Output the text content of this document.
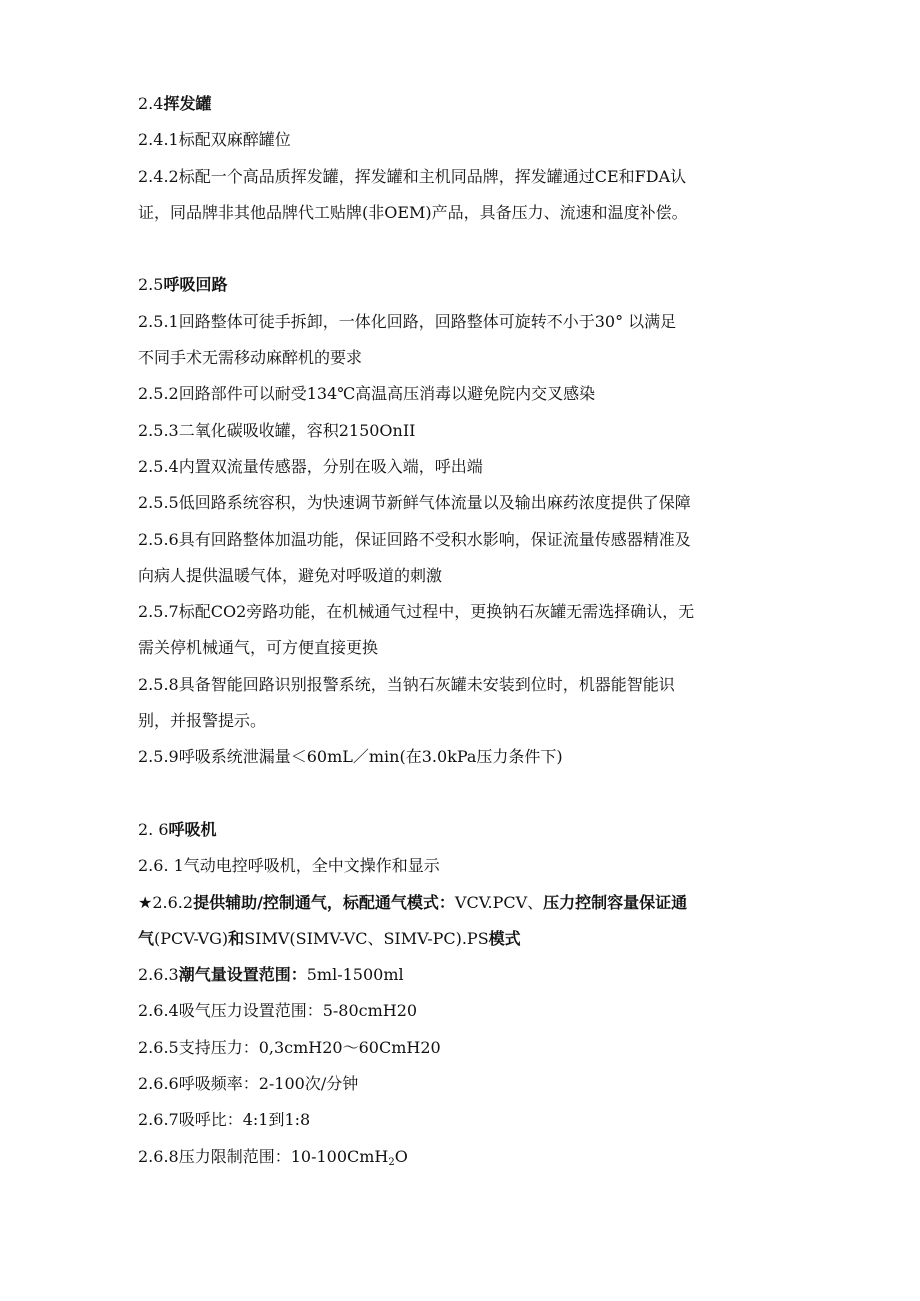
2.4挥发罐
2.4.1标配双麻醉罐位
2.4.2标配一个高品质挥发罐，挥发罐和主机同品牌，挥发罐通过CE和FDA认
证，同品牌非其他品牌代工贴牌(非OEM)产品，具备压力、流速和温度补偿。
2.5呼吸回路
2.5.1回路整体可徒手拆卸，一体化回路，回路整体可旋转不小于30° 以满足
不同手术无需移动麻醉机的要求
2.5.2回路部件可以耐受134℃高温高压消毒以避免院内交叉感染
2.5.3二氧化碳吸收罐，容积2150OnII
2.5.4内置双流量传感器，分别在吸入端，呼出端
2.5.5低回路系统容积，为快速调节新鲜气体流量以及输出麻药浓度提供了保障
2.5.6具有回路整体加温功能，保证回路不受积水影响，保证流量传感器精准及
向病人提供温暖气体，避免对呼吸道的刺激
2.5.7标配CO2旁路功能，在机械通气过程中，更换钠石灰罐无需选择确认，无
需关停机械通气，可方便直接更换
2.5.8具备智能回路识别报警系统，当钠石灰罐未安装到位时，机器能智能识
别，并报警提示。
2.5.9呼吸系统泄漏量＜60mL／min(在3.0kPa压力条件下)
2. 6呼吸机
2.6. 1气动电控呼吸机，全中文操作和显示
★2.6.2提供辅助/控制通气，标配通气模式：VCV.PCV、压力控制容量保证通
气(PCV-VG)和SIMV(SIMV-VC、SIMV-PC).PS模式
2.6.3潮气量设置范围：5ml-1500ml
2.6.4吸气压力设置范围：5-80cmH20
2.6.5支持压力：0,3cmH20～60CmH20
2.6.6呼吸频率：2-100次/分钟
2.6.7吸呼比：4:1到1:8
2.6.8压力限制范围：10-100CmH$_2$O
